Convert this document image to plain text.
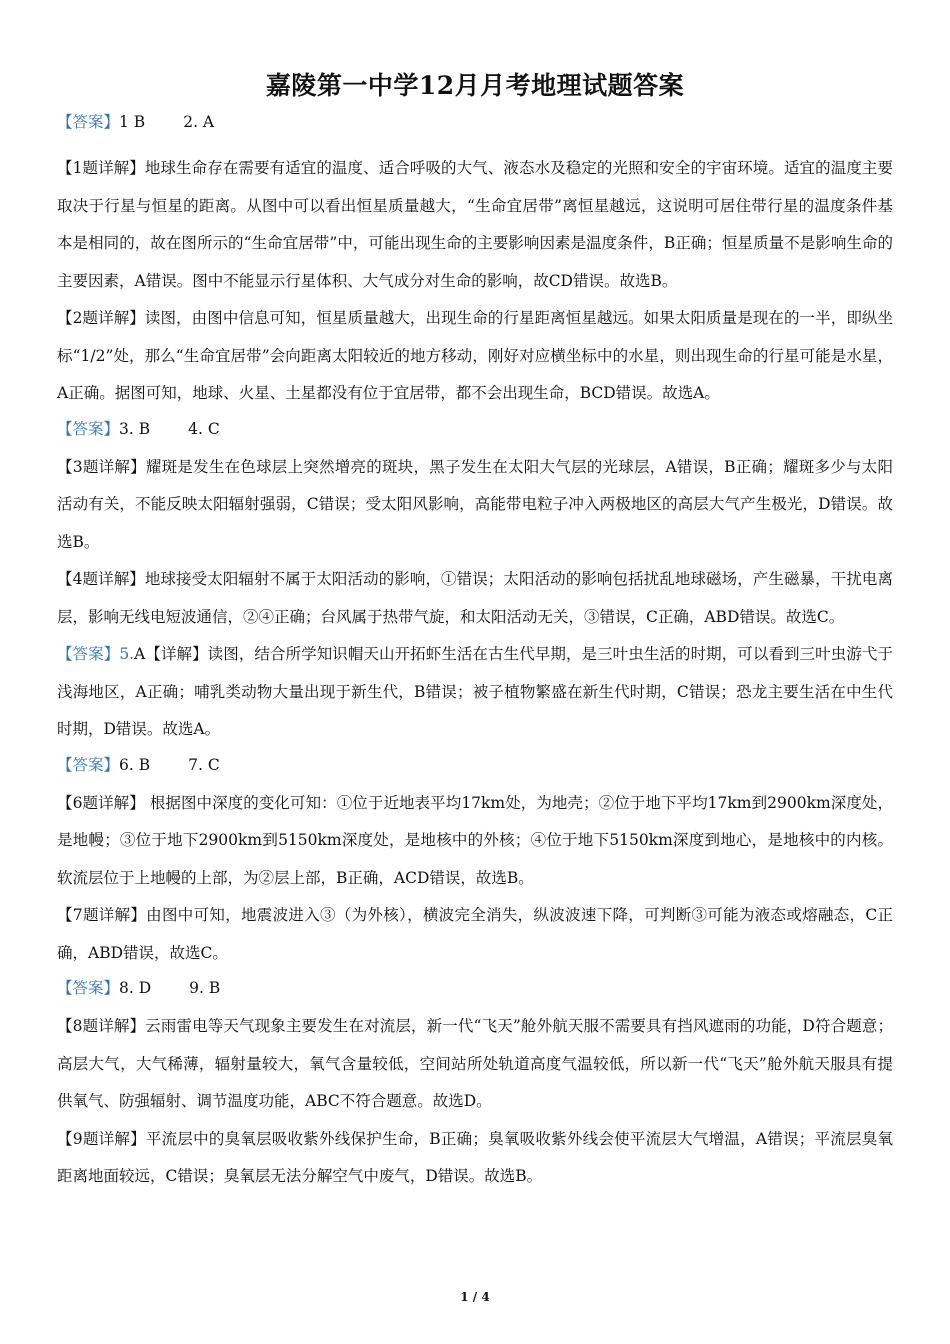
嘉陵第一中学12月月考地理试题答案
【答案】1 B 2. A

【1题详解】地球生命存在需要有适宜的温度、适合呼吸的大气、液态水及稳定的光照和安全的宇宙环境。适宜的温度主要取决于行星与恒星的距离。从图中可以看出恒星质量越大，“生命宜居带”离恒星越远，这说明可居住带行星的温度条件基本是相同的，故在图所示的“生命宜居带”中，可能出现生命的主要影响因素是温度条件，B正确；恒星质量不是影响生命的主要因素，A错误。图中不能显示行星体积、大气成分对生命的影响，故CD错误。故选B。

【2题详解】读图，由图中信息可知，恒星质量越大，出现生命的行星距离恒星越远。如果太阳质量是现在的一半，即纵坐标“1/2”处，那么“生命宜居带”会向距离太阳较近的地方移动，刚好对应横坐标中的水星，则出现生命的行星可能是水星，A正确。据图可知，地球、火星、土星都没有位于宜居带，都不会出现生命，BCD错误。故选A。

【答案】3. B 4. C

【3题详解】耀斑是发生在色球层上突然增亮的斑块，黑子发生在太阳大气层的光球层，A错误，B正确；耀斑多少与太阳活动有关，不能反映太阳辐射强弱，C错误；受太阳风影响，高能带电粒子冲入两极地区的高层大气产生极光，D错误。故选B。

【4题详解】地球接受太阳辐射不属于太阳活动的影响，①错误；太阳活动的影响包括扰乱地球磁场，产生磁暴，干扰电离层，影响无线电短波通信，②④正确；台风属于热带气旋，和太阳活动无关，③错误，C正确，ABD错误。故选C。

【答案】5.A【详解】读图，结合所学知识帽天山开拓虾生活在古生代早期，是三叶虫生活的时期，可以看到三叶虫游弋于浅海地区，A正确；哺乳类动物大量出现于新生代，B错误；被子植物繁盛在新生代时期，C错误；恐龙主要生活在中生代时期，D错误。故选A。

【答案】6. B 7. C

【6题详解】 根据图中深度的变化可知：①位于近地表平均17km处，为地壳；②位于地下平均17km到2900km深度处，是地幔；③位于地下2900km到5150km深度处，是地核中的外核；④位于地下5150km深度到地心，是地核中的内核。软流层位于上地幔的上部，为②层上部，B正确，ACD错误，故选B。

【7题详解】由图中可知，地震波进入③（为外核），横波完全消失，纵波波速下降，可判断③可能为液态或熔融态，C正确，ABD错误，故选C。

【答案】8. D 9. B

【8题详解】云雨雷电等天气现象主要发生在对流层，新一代“飞天”舱外航天服不需要具有挡风遮雨的功能，D符合题意；高层大气，大气稀薄，辐射量较大，氧气含量较低，空间站所处轨道高度气温较低，所以新一代“飞天”舱外航天服具有提供氧气、防强辐射、调节温度功能，ABC不符合题意。故选D。

【9题详解】平流层中的臭氧层吸收紫外线保护生命，B正确；臭氧吸收紫外线会使平流层大气增温，A错误；平流层臭氧距离地面较远，C错误；臭氧层无法分解空气中废气，D错误。故选B。

1 / 4
